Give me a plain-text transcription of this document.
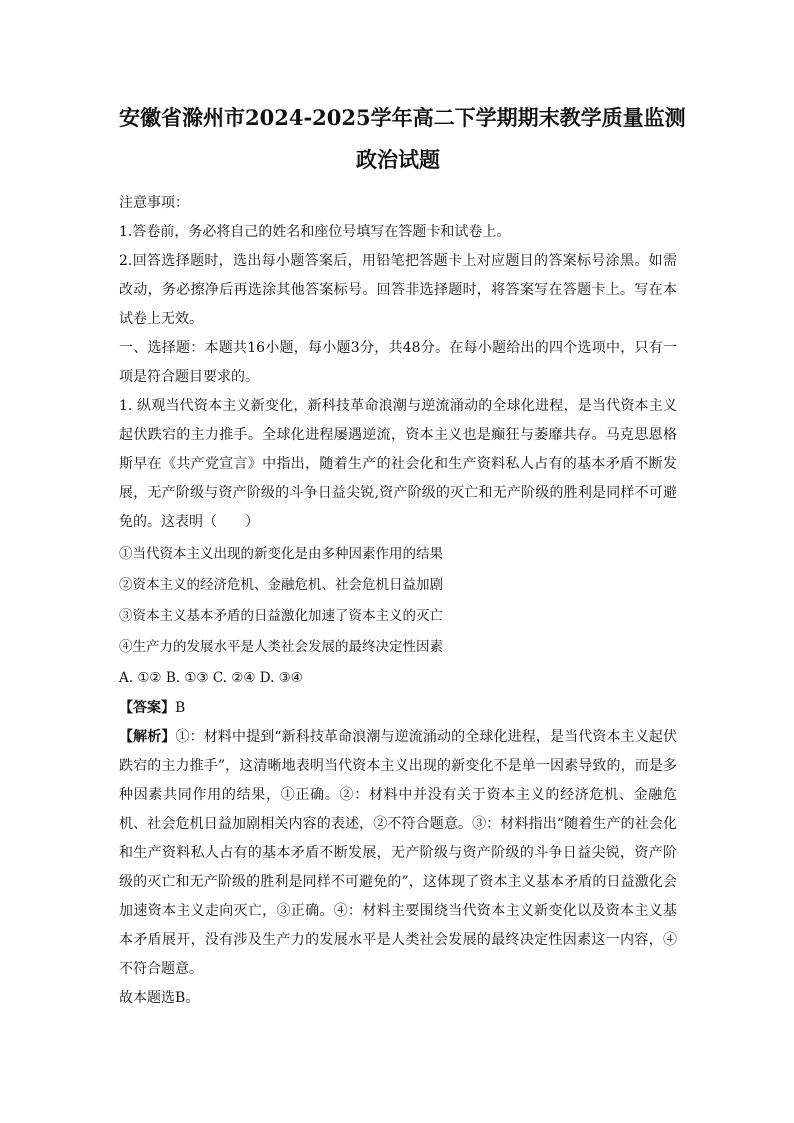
安徽省滁州市2024-2025学年高二下学期期末教学质量监测

政治试题

注意事项：

1.答卷前，务必将自己的姓名和座位号填写在答题卡和试卷上。

2.回答选择题时，选出每小题答案后，用铅笔把答题卡上对应题目的答案标号涂黑。如需改动，务必擦净后再选涂其他答案标号。回答非选择题时，将答案写在答题卡上。写在本试卷上无效。

一、选择题：本题共16小题，每小题3分，共48分。在每小题给出的四个选项中，只有一项是符合题目要求的。

1. 纵观当代资本主义新变化，新科技革命浪潮与逆流涌动的全球化进程，是当代资本主义起伏跌宕的主力推手。全球化进程屡遇逆流，资本主义也是癫狂与萎靡共存。马克思恩格斯早在《共产党宣言》中指出，随着生产的社会化和生产资料私人占有的基本矛盾不断发展，无产阶级与资产阶级的斗争日益尖锐,资产阶级的灭亡和无产阶级的胜利是同样不可避免的。这表明（　　）

①当代资本主义出现的新变化是由多种因素作用的结果

②资本主义的经济危机、金融危机、社会危机日益加剧

③资本主义基本矛盾的日益激化加速了资本主义的灭亡

④生产力的发展水平是人类社会发展的最终决定性因素

A. ①② B. ①③ C. ②④ D. ③④

【答案】B

【解析】①：材料中提到“新科技革命浪潮与逆流涌动的全球化进程，是当代资本主义起伏跌宕的主力推手”，这清晰地表明当代资本主义出现的新变化不是单一因素导致的，而是多种因素共同作用的结果，①正确。②：材料中并没有关于资本主义的经济危机、金融危机、社会危机日益加剧相关内容的表述，②不符合题意。③：材料指出“随着生产的社会化和生产资料私人占有的基本矛盾不断发展，无产阶级与资产阶级的斗争日益尖锐，资产阶级的灭亡和无产阶级的胜利是同样不可避免的”，这体现了资本主义基本矛盾的日益激化会加速资本主义走向灭亡，③正确。④：材料主要围绕当代资本主义新变化以及资本主义基本矛盾展开，没有涉及生产力的发展水平是人类社会发展的最终决定性因素这一内容，④不符合题意。

故本题选B。
